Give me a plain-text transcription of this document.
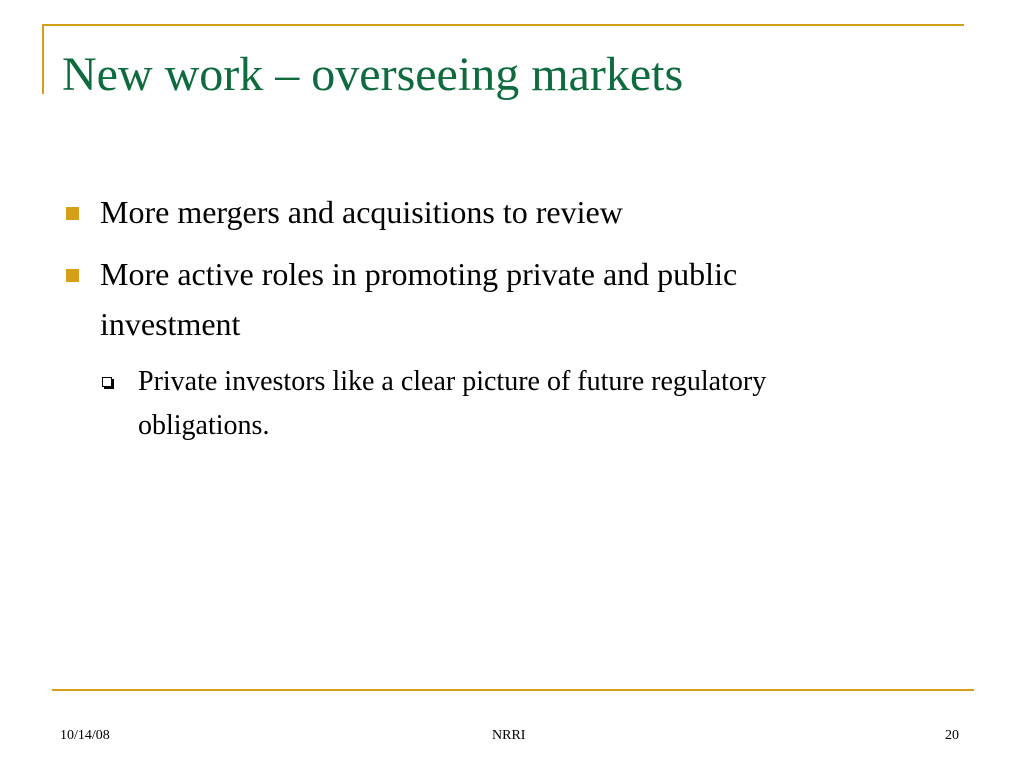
New work – overseeing markets
More mergers and acquisitions to review
More active roles in promoting private and public
investment
Private investors like a clear picture of future regulatory
obligations.
10/14/08	NRRI	20
